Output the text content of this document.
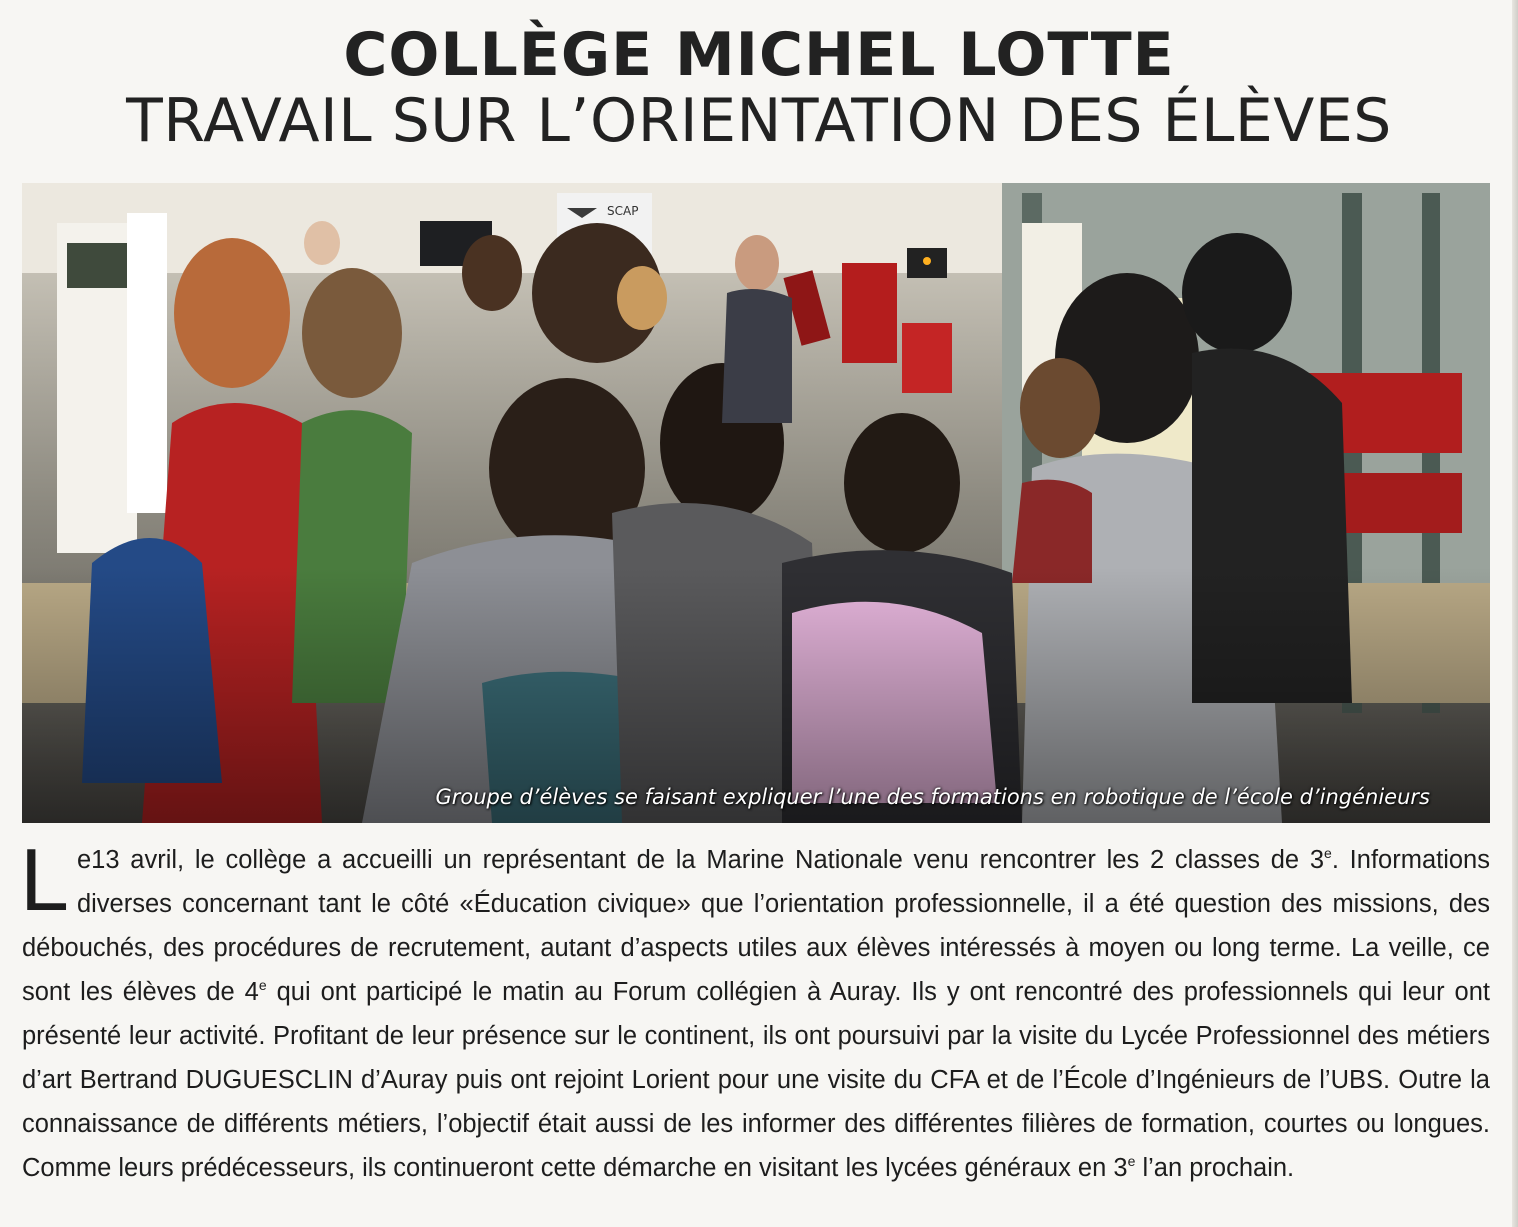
COLLÈGE MICHEL LOTTE
TRAVAIL SUR L’ORIENTATION DES ÉLÈVES
Groupe d’élèves se faisant expliquer l’une des formations en robotique de l’école d’ingénieurs

Le13 avril, le collège a accueilli un représentant de la Marine Nationale venu rencontrer les 2 classes de 3e. Informations diverses concernant tant le côté «Éducation civique» que l’orientation professionnelle, il a été question des missions, des débouchés, des procédures de recrutement, autant d’aspects utiles aux élèves intéressés à moyen ou long terme. La veille, ce sont les élèves de 4e qui ont participé le matin au Forum collégien à Auray. Ils y ont rencontré des professionnels qui leur ont présenté leur activité. Profitant de leur présence sur le continent, ils ont poursuivi par la visite du Lycée Professionnel des métiers d’art Bertrand DUGUESCLIN d’Auray puis ont rejoint Lorient pour une visite du CFA et de l’École d’Ingénieurs de l’UBS. Outre la connaissance de différents métiers, l’objectif était aussi de les informer des différentes filières de formation, courtes ou longues. Comme leurs prédécesseurs, ils continueront cette démarche en visitant les lycées généraux en 3e l’an prochain.
